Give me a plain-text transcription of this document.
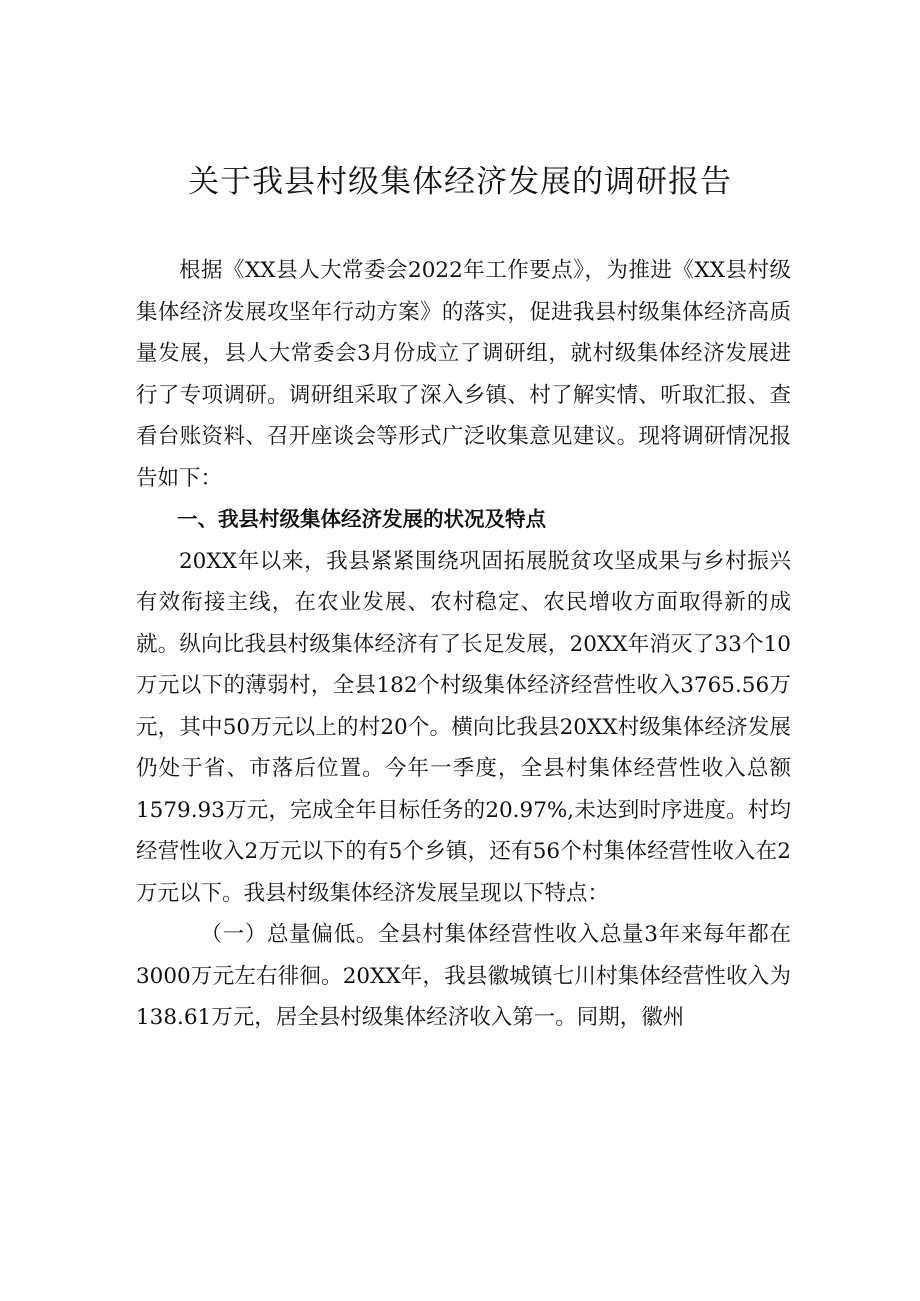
关于我县村级集体经济发展的调研报告

根据《XX县人大常委会2022年工作要点》，为推进《XX县村级集体经济发展攻坚年行动方案》的落实，促进我县村级集体经济高质量发展，县人大常委会3月份成立了调研组，就村级集体经济发展进行了专项调研。调研组采取了深入乡镇、村了解实情、听取汇报、查看台账资料、召开座谈会等形式广泛收集意见建议。现将调研情况报告如下：

一、我县村级集体经济发展的状况及特点

20XX年以来，我县紧紧围绕巩固拓展脱贫攻坚成果与乡村振兴有效衔接主线，在农业发展、农村稳定、农民增收方面取得新的成就。纵向比我县村级集体经济有了长足发展，20XX年消灭了33个10万元以下的薄弱村，全县182个村级集体经济经营性收入3765.56万元，其中50万元以上的村20个。横向比我县20XX村级集体经济发展仍处于省、市落后位置。今年一季度，全县村集体经营性收入总额1579.93万元，完成全年目标任务的20.97%,未达到时序进度。村均经营性收入2万元以下的有5个乡镇，还有56个村集体经营性收入在2万元以下。我县村级集体经济发展呈现以下特点：

（一）总量偏低。全县村集体经营性收入总量3年来每年都在3000万元左右徘徊。20XX年，我县徽城镇七川村集体经营性收入为138.61万元，居全县村级集体经济收入第一。同期，徽州
